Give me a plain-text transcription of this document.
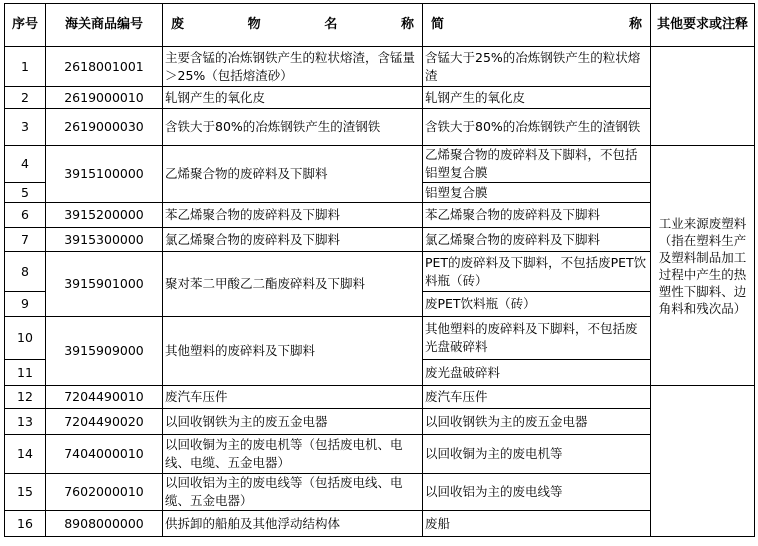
序号	海关商品编号	废物名称	简称	其他要求或注释
1	2618001001	主要含锰的冶炼钢铁产生的粒状熔渣，含锰量＞25%（包括熔渣砂）	含锰大于25%的冶炼钢铁产生的粒状熔渣	
2	2619000010	轧钢产生的氧化皮	轧钢产生的氧化皮	
3	2619000030	含铁大于80%的冶炼钢铁产生的渣钢铁	含铁大于80%的冶炼钢铁产生的渣钢铁	
4	3915100000	乙烯聚合物的废碎料及下脚料	乙烯聚合物的废碎料及下脚料，不包括铝塑复合膜	工业来源废塑料（指在塑料生产及塑料制品加工过程中产生的热塑性下脚料、边角料和残次品）
5			铝塑复合膜	
6	3915200000	苯乙烯聚合物的废碎料及下脚料	苯乙烯聚合物的废碎料及下脚料	
7	3915300000	氯乙烯聚合物的废碎料及下脚料	氯乙烯聚合物的废碎料及下脚料	
8	3915901000	聚对苯二甲酸乙二酯废碎料及下脚料	PET的废碎料及下脚料，不包括废PET饮料瓶（砖）	
9			废PET饮料瓶（砖）	
10	3915909000	其他塑料的废碎料及下脚料	其他塑料的废碎料及下脚料，不包括废光盘破碎料	
11			废光盘破碎料	
12	7204490010	废汽车压件	废汽车压件	
13	7204490020	以回收钢铁为主的废五金电器	以回收钢铁为主的废五金电器	
14	7404000010	以回收铜为主的废电机等（包括废电机、电线、电缆、五金电器）	以回收铜为主的废电机等	
15	7602000010	以回收铝为主的废电线等（包括废电线、电缆、五金电器）	以回收铝为主的废电线等	
16	8908000000	供拆卸的船舶及其他浮动结构体	废船	
